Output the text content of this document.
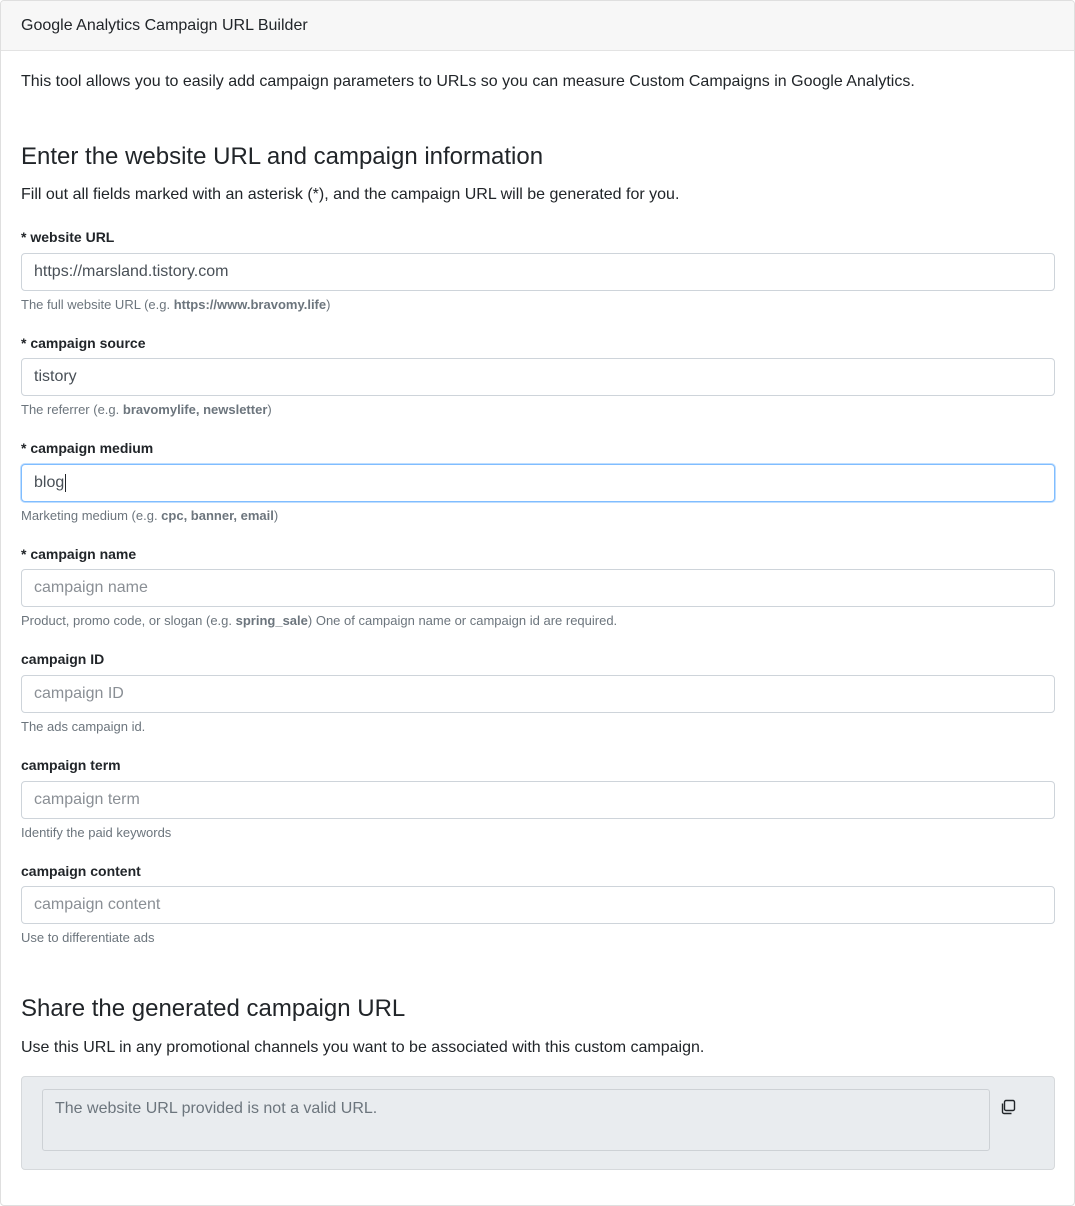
Google Analytics Campaign URL Builder
This tool allows you to easily add campaign parameters to URLs so you can measure Custom Campaigns in Google Analytics.
Enter the website URL and campaign information
Fill out all fields marked with an asterisk (*), and the campaign URL will be generated for you.
* website URL
https://marsland.tistory.com
The full website URL (e.g. https://www.bravomy.life)
* campaign source
tistory
The referrer (e.g. bravomylife, newsletter)
* campaign medium
blog
Marketing medium (e.g. cpc, banner, email)
* campaign name
campaign name
Product, promo code, or slogan (e.g. spring_sale) One of campaign name or campaign id are required.
campaign ID
campaign ID
The ads campaign id.
campaign term
campaign term
Identify the paid keywords
campaign content
campaign content
Use to differentiate ads
Share the generated campaign URL
Use this URL in any promotional channels you want to be associated with this custom campaign.
The website URL provided is not a valid URL.
